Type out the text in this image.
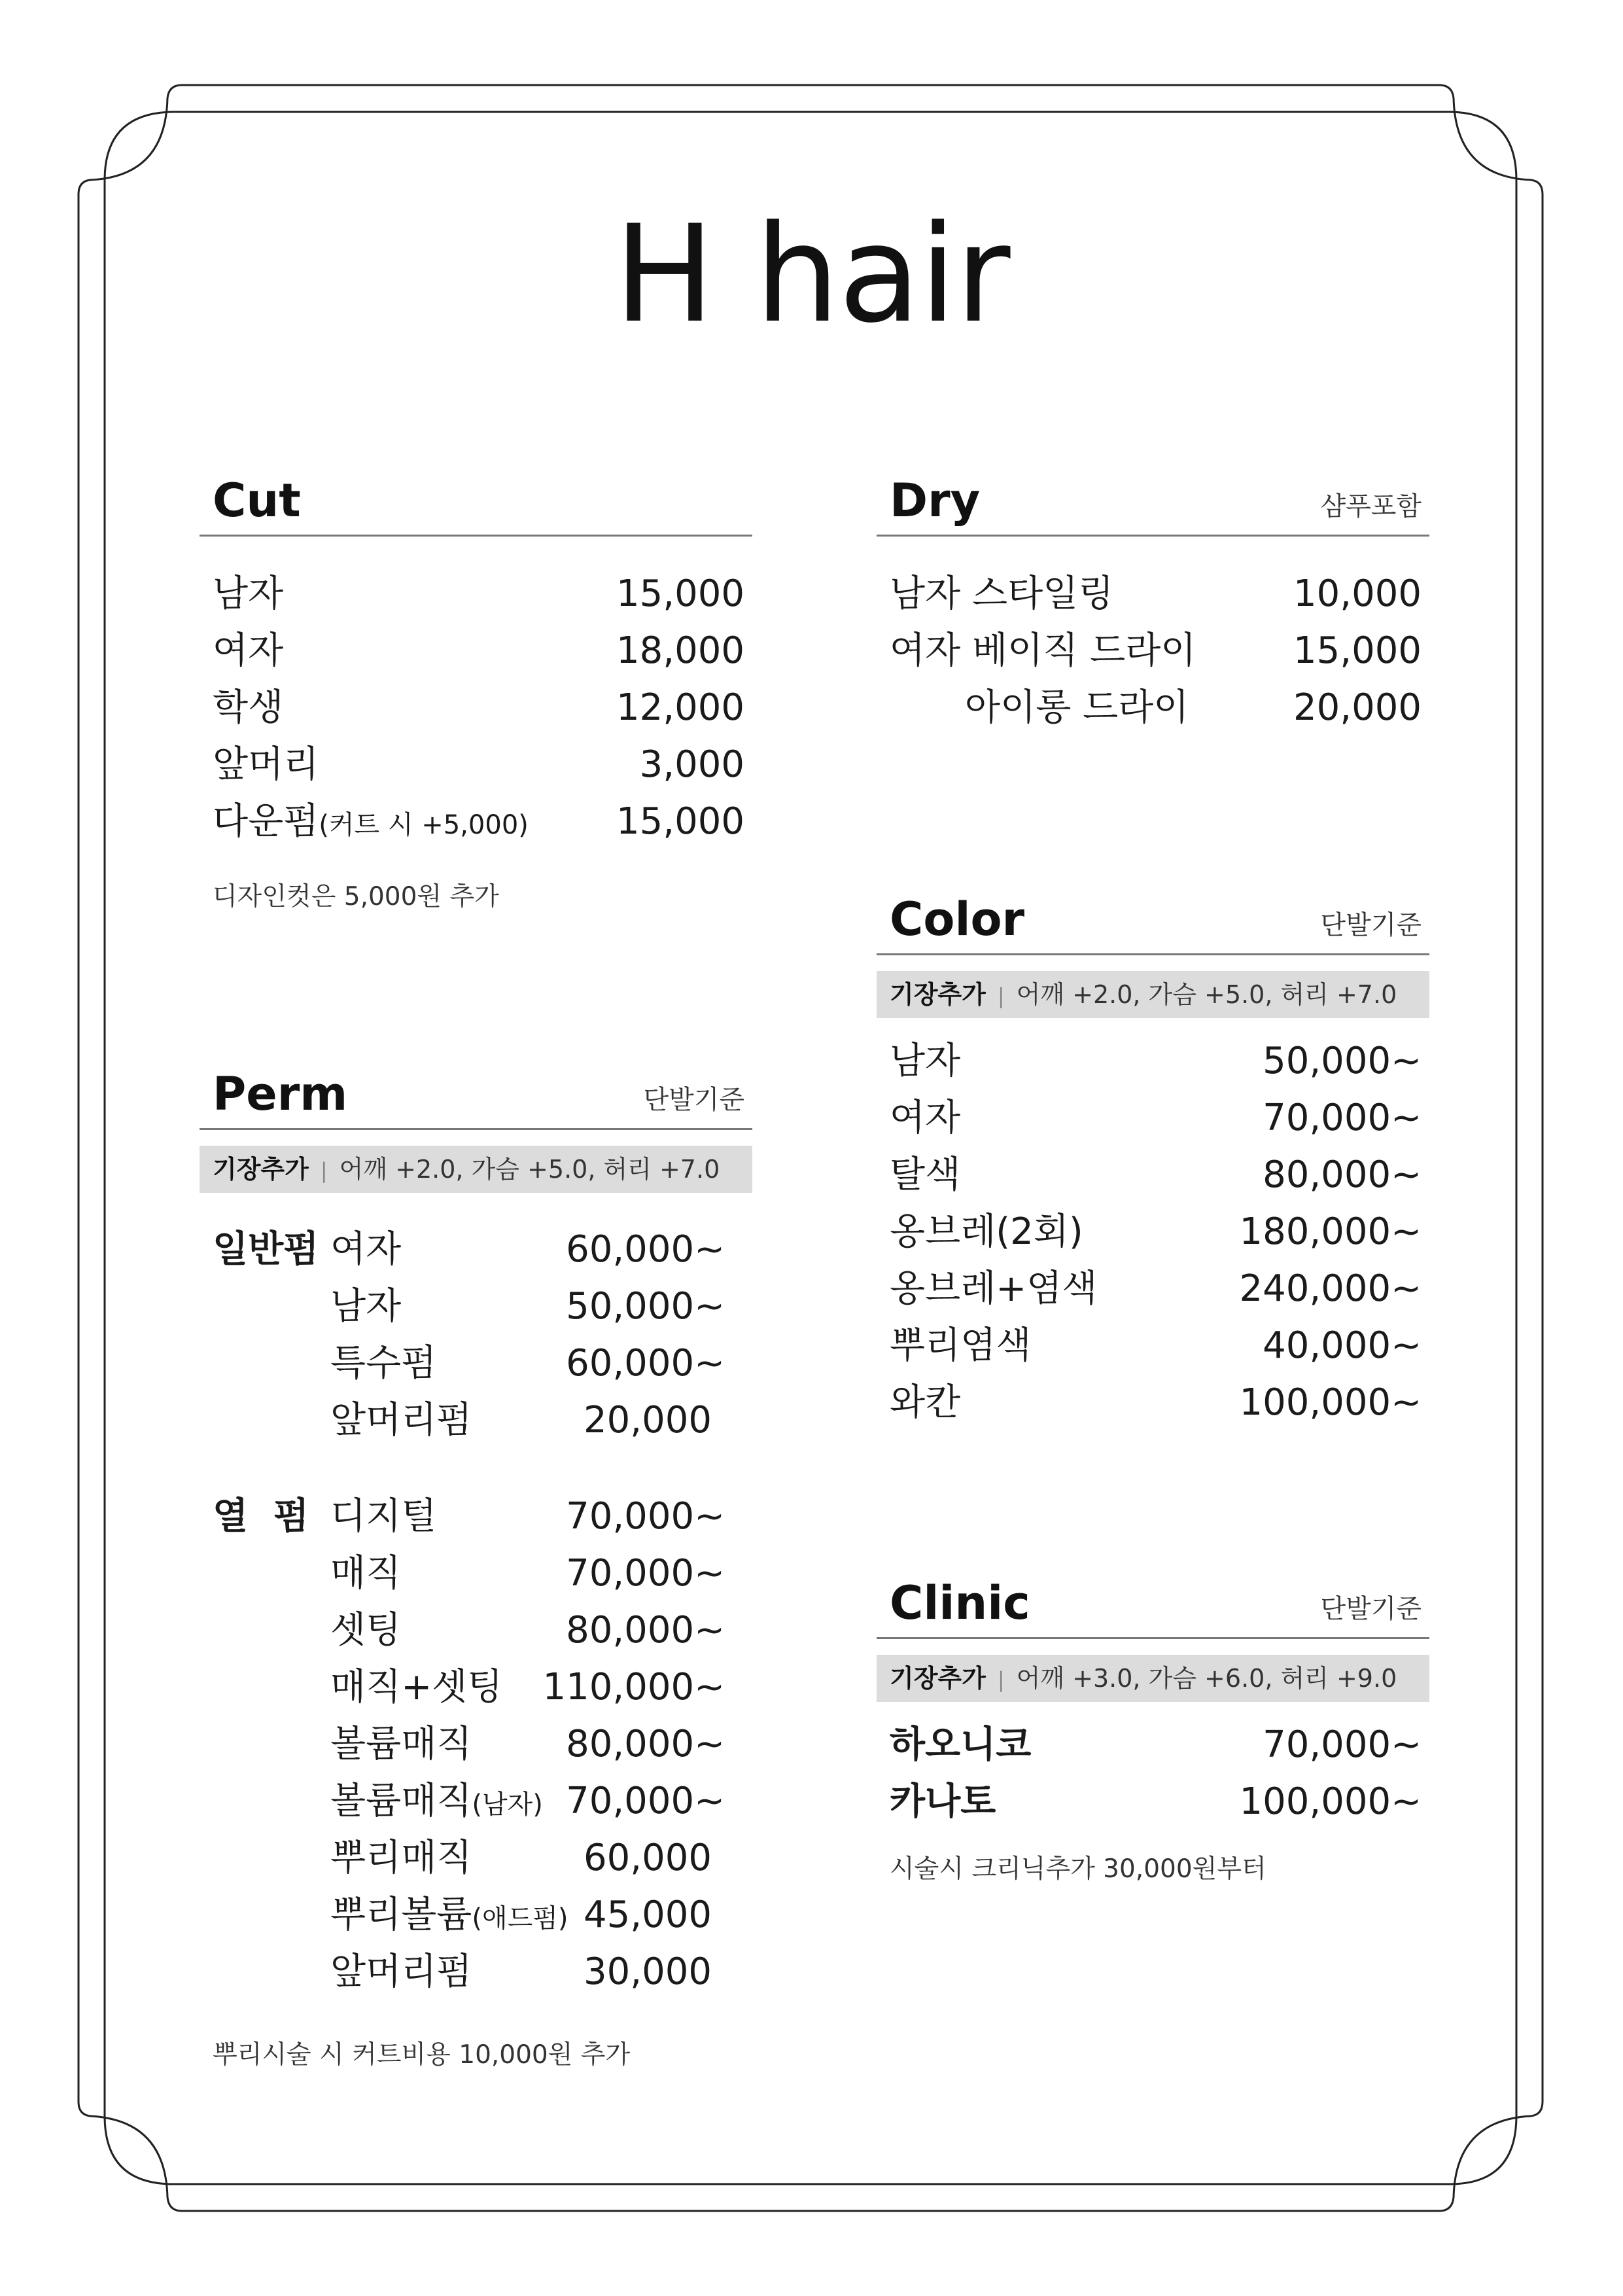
H hair
Cut
남자	15,000
여자	18,000
학생	12,000
앞머리	3,000
다운펌(커트 시 +5,000) 15,000
디자인컷은 5,000원 추가
Perm	단발기준
기장추가 | 어깨 +2.0, 가슴 +5.0, 허리 +7.0
일반펌 여자	60,000~
남자	50,000~
특수펌	60,000~
앞머리펌	20,000
열  펌 디지털	70,000~
매직	70,000~
셋팅	80,000~
매직+셋팅 110,000~
볼륨매직	80,000~
볼륨매직(남자) 70,000~
뿌리매직	60,000
뿌리볼륨(애드펌) 45,000
앞머리펌	30,000
뿌리시술 시 커트비용 10,000원 추가
Dry	샴푸포함
남자 스타일링	10,000
여자 베이직 드라이	15,000
아이롱 드라이	20,000
Color	단발기준
기장추가 | 어깨 +2.0, 가슴 +5.0, 허리 +7.0
남자	50,000~
여자	70,000~
탈색	80,000~
옹브레(2회)	180,000~
옹브레+염색	240,000~
뿌리염색	40,000~
와칸	100,000~
Clinic	단발기준
기장추가 | 어깨 +3.0, 가슴 +6.0, 허리 +9.0
하오니코	70,000~
카나토	100,000~
시술시 크리닉추가 30,000원부터
